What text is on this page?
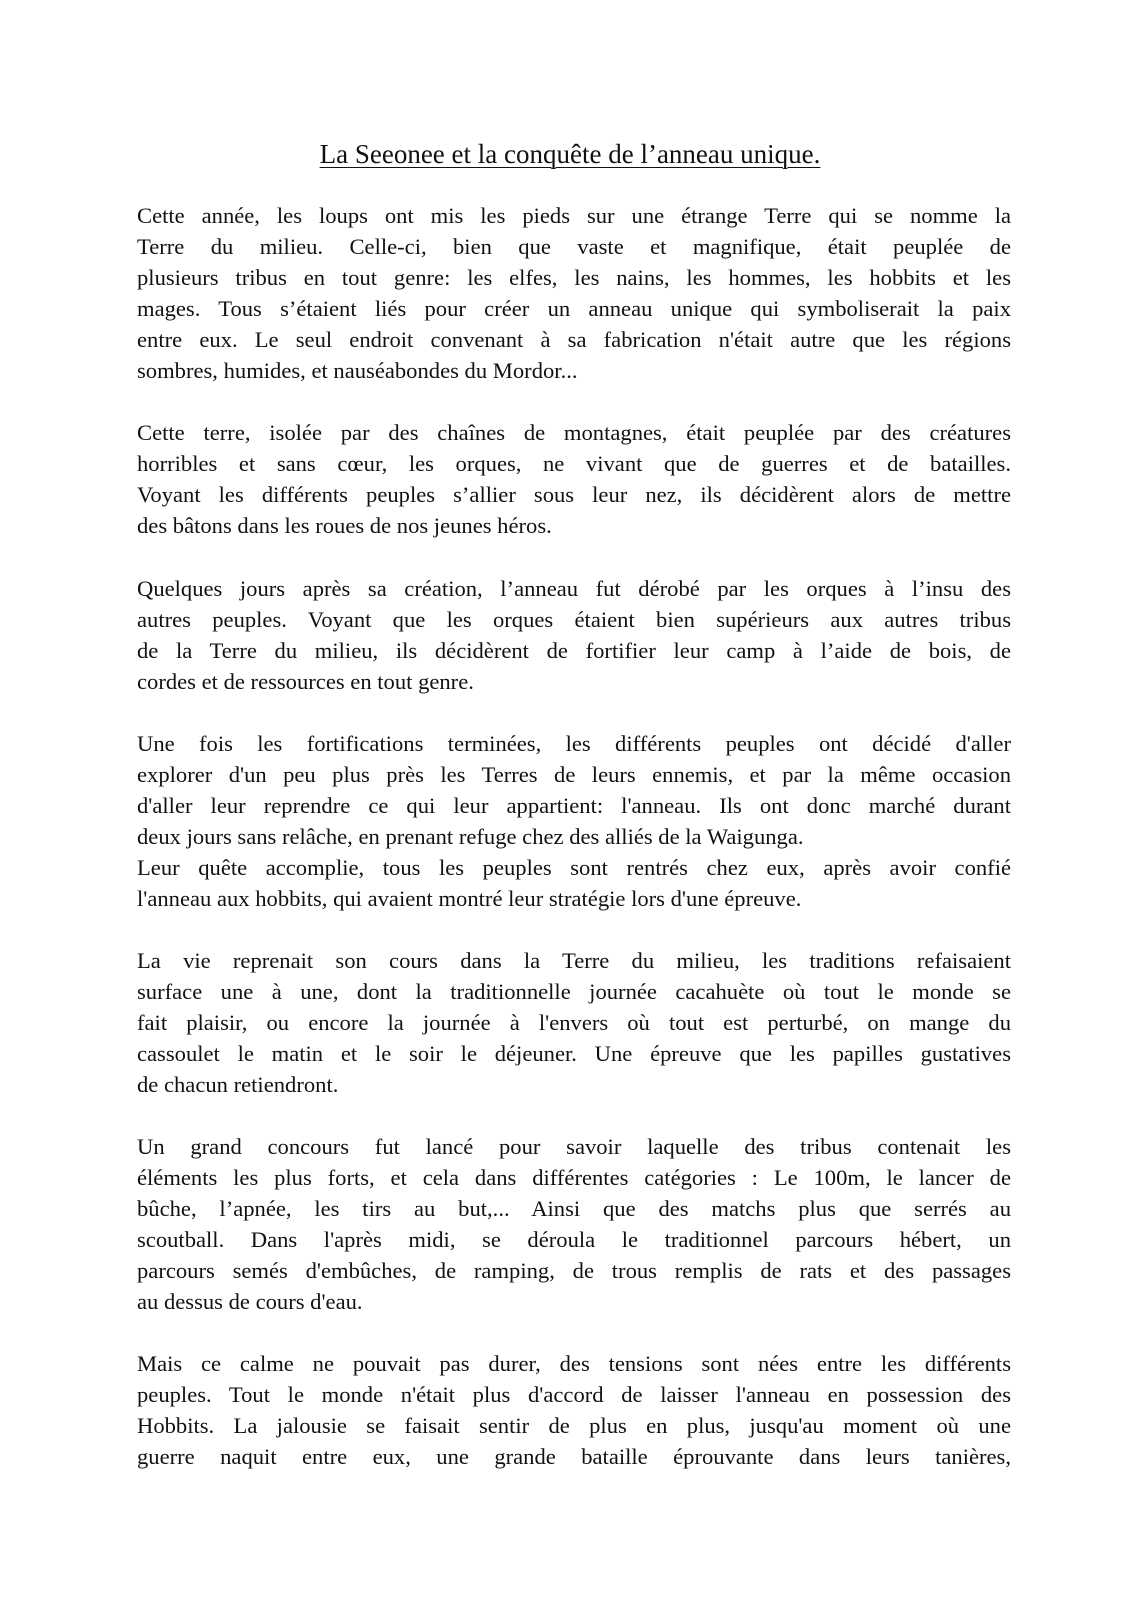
La Seeonee et la conquête de l’anneau unique.
Cette année, les loups ont mis les pieds sur une étrange Terre qui se nomme la
Terre du milieu. Celle-ci, bien que vaste et magnifique, était peuplée de
plusieurs tribus en tout genre: les elfes, les nains, les hommes, les hobbits et les
mages. Tous s’étaient liés pour créer un anneau unique qui symboliserait la paix
entre eux. Le seul endroit convenant à sa fabrication n'était autre que les régions
sombres, humides, et nauséabondes du Mordor...
Cette terre, isolée par des chaînes de montagnes, était peuplée par des créatures
horribles et sans cœur, les orques, ne vivant que de guerres et de batailles.
Voyant les différents peuples s’allier sous leur nez, ils décidèrent alors de mettre
des bâtons dans les roues de nos jeunes héros.
Quelques jours après sa création, l’anneau fut dérobé par les orques à l’insu des
autres peuples. Voyant que les orques étaient bien supérieurs aux autres tribus
de la Terre du milieu, ils décidèrent de fortifier leur camp à l’aide de bois, de
cordes et de ressources en tout genre.
Une fois les fortifications terminées, les différents peuples ont décidé d'aller
explorer d'un peu plus près les Terres de leurs ennemis, et par la même occasion
d'aller leur reprendre ce qui leur appartient: l'anneau. Ils ont donc marché durant
deux jours sans relâche, en prenant refuge chez des alliés de la Waigunga.
Leur quête accomplie, tous les peuples sont rentrés chez eux, après avoir confié
l'anneau aux hobbits, qui avaient montré leur stratégie lors d'une épreuve.
La vie reprenait son cours dans la Terre du milieu, les traditions refaisaient
surface une à une, dont la traditionnelle journée cacahuète où tout le monde se
fait plaisir, ou encore la journée à l'envers où tout est perturbé, on mange du
cassoulet le matin et le soir le déjeuner. Une épreuve que les papilles gustatives
de chacun retiendront.
Un grand concours fut lancé pour savoir laquelle des tribus contenait les
éléments les plus forts, et cela dans différentes catégories : Le 100m, le lancer de
bûche, l’apnée, les tirs au but,... Ainsi que des matchs plus que serrés au
scoutball. Dans l'après midi, se déroula le traditionnel parcours hébert, un
parcours semés d'embûches, de ramping, de trous remplis de rats et des passages
au dessus de cours d'eau.
Mais ce calme ne pouvait pas durer, des tensions sont nées entre les différents
peuples. Tout le monde n'était plus d'accord de laisser l'anneau en possession des
Hobbits. La jalousie se faisait sentir de plus en plus, jusqu'au moment où une
guerre naquit entre eux, une grande bataille éprouvante dans leurs tanières,
